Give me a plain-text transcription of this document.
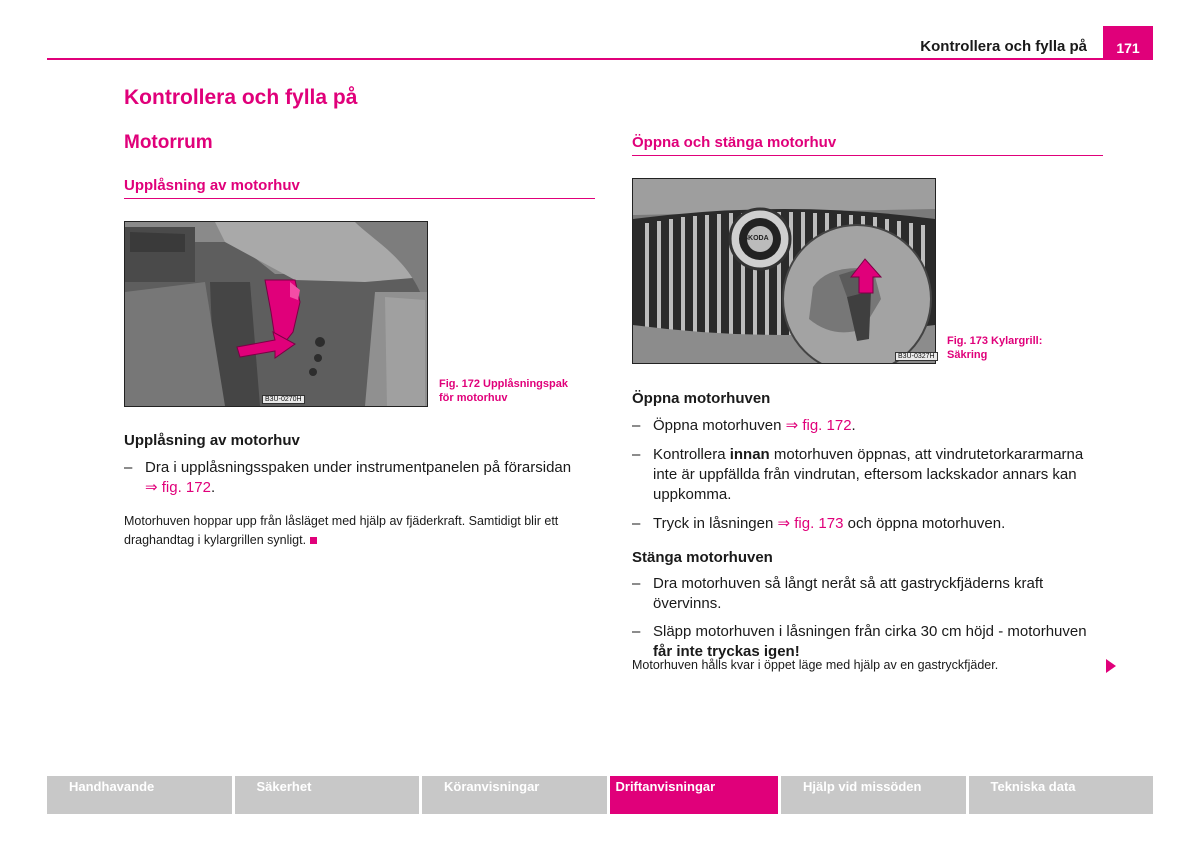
Kontrollera och fylla på	171
Kontrollera och fylla på
Motorrum
Upplåsning av motorhuv
B3U-0270H
Fig. 172 Upplåsningspak
för motorhuv
Upplåsning av motorhuv
– Dra i upplåsningsspaken under instrumentpanelen på förarsidan
⇒ fig. 172.
Motorhuven hoppar upp från låsläget med hjälp av fjäderkraft. Samtidigt blir ett
draghandtag i kylargrillen synligt.
Öppna och stänga motorhuv
ŠKODA
B3U-0327H
Fig. 173 Kylargrill:
Säkring
Öppna motorhuven
– Öppna motorhuven ⇒ fig. 172.
– Kontrollera innan motorhuven öppnas, att vindrutetorkararmarna inte är uppfällda från vindrutan, eftersom lackskador annars kan uppkomma.
– Tryck in låsningen ⇒ fig. 173 och öppna motorhuven.
Stänga motorhuven
– Dra motorhuven så långt neråt så att gastryckfjäderns kraft övervinns.
– Släpp motorhuven i låsningen från cirka 30 cm höjd - motorhuven får inte tryckas igen!
Motorhuven hålls kvar i öppet läge med hjälp av en gastryckfjäder.
Handhavande	Säkerhet	Köranvisningar	Driftanvisningar	Hjälp vid missöden	Tekniska data
